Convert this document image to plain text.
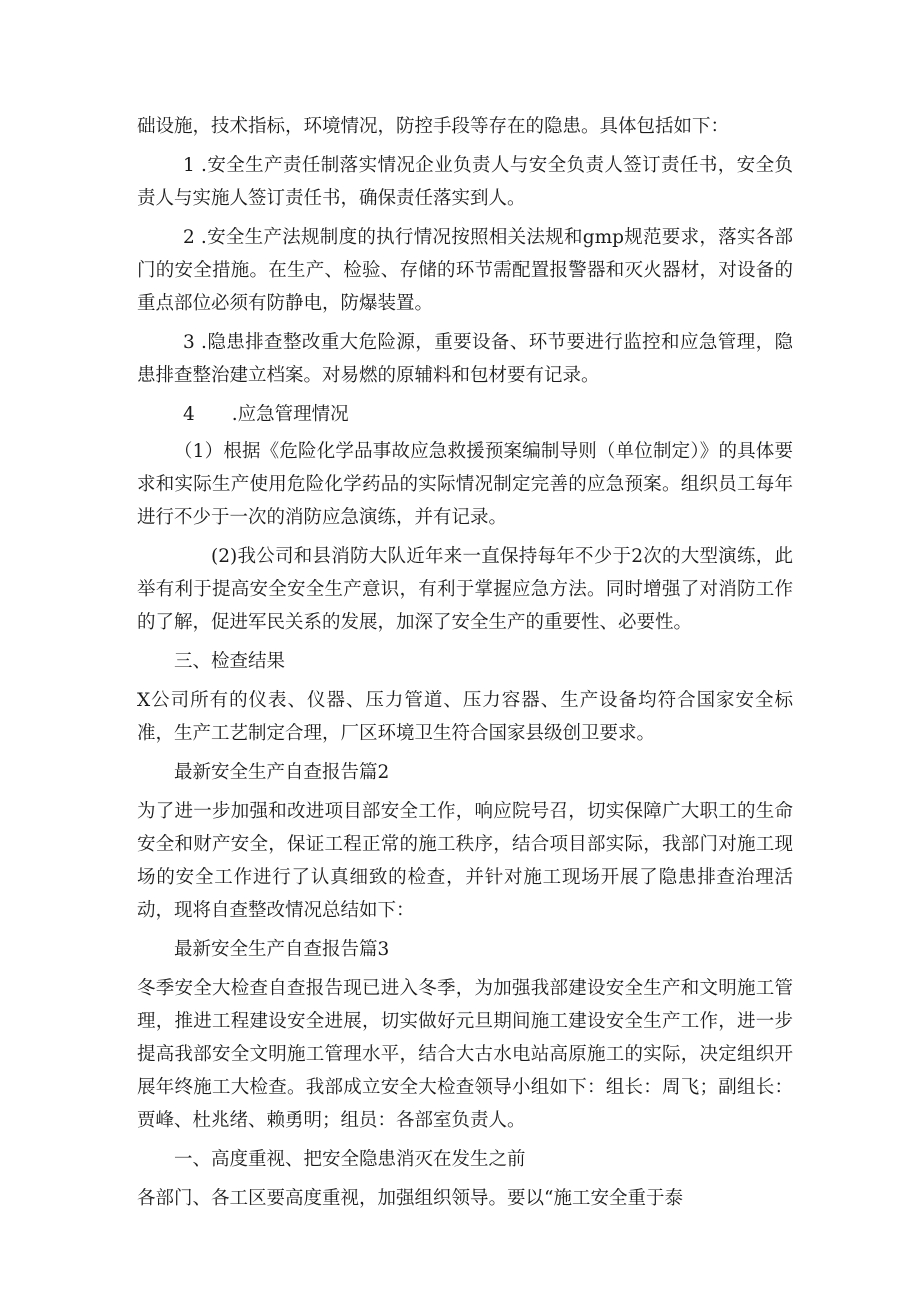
础设施，技术指标，环境情况，防控手段等存在的隐患。具体包括如下：

1 .安全生产责任制落实情况企业负责人与安全负责人签订责任书，安全负责人与实施人签订责任书，确保责任落实到人。

2 .安全生产法规制度的执行情况按照相关法规和gmp规范要求，落实各部门的安全措施。在生产、检验、存储的环节需配置报警器和灭火器材，对设备的重点部位必须有防静电，防爆装置。

3 .隐患排查整改重大危险源，重要设备、环节要进行监控和应急管理，隐患排查整治建立档案。对易燃的原辅料和包材要有记录。

4　　.应急管理情况

（1）根据《危险化学品事故应急救援预案编制导则（单位制定）》的具体要求和实际生产使用危险化学药品的实际情况制定完善的应急预案。组织员工每年进行不少于一次的消防应急演练，并有记录。

(2)我公司和县消防大队近年来一直保持每年不少于2次的大型演练，此举有利于提高安全安全生产意识，有利于掌握应急方法。同时增强了对消防工作的了解，促进军民关系的发展，加深了安全生产的重要性、必要性。

三、检查结果

X公司所有的仪表、仪器、压力管道、压力容器、生产设备均符合国家安全标准，生产工艺制定合理，厂区环境卫生符合国家县级创卫要求。

最新安全生产自查报告篇2

为了进一步加强和改进项目部安全工作，响应院号召，切实保障广大职工的生命安全和财产安全，保证工程正常的施工秩序，结合项目部实际，我部门对施工现场的安全工作进行了认真细致的检查，并针对施工现场开展了隐患排查治理活动，现将自查整改情况总结如下：

最新安全生产自查报告篇3

冬季安全大检查自查报告现已进入冬季，为加强我部建设安全生产和文明施工管理，推进工程建设安全进展，切实做好元旦期间施工建设安全生产工作，进一步提高我部安全文明施工管理水平，结合大古水电站高原施工的实际，决定组织开展年终施工大检查。我部成立安全大检查领导小组如下：组长：周飞；副组长：贾峰、杜兆绪、赖勇明；组员：各部室负责人。

一、高度重视、把安全隐患消灭在发生之前

各部门、各工区要高度重视，加强组织领导。要以“施工安全重于泰
